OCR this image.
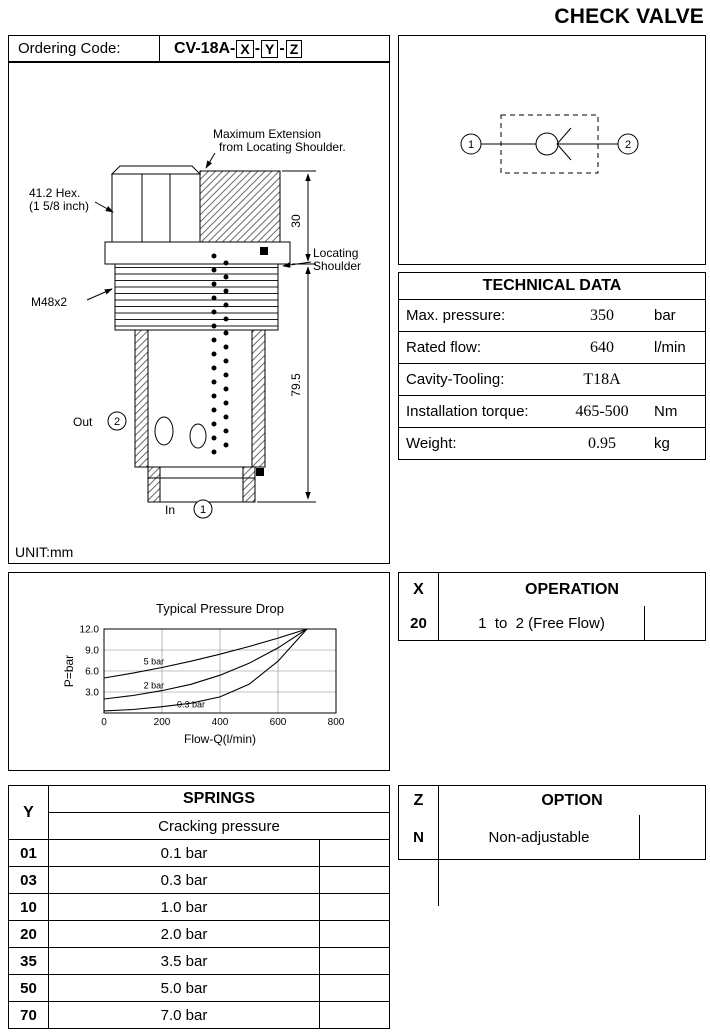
CHECK VALVE
Ordering Code:	CV-18A - X - Y - Z
Maximum Extension
from Locating Shoulder.
41.2 Hex.
(1 5/8 inch)
M48x2
Locating
Shoulder
30
79.5
Out
In
2
1
UNIT:mm
1	2
TECHNICAL DATA
Max. pressure:	350	bar
Rated flow:	640	l/min
Cavity-Tooling:	T18A
Installation torque:	465-500	Nm
Weight:	0.95	kg
3.0
6.0
9.0
12.0
0	200	400	600	800
5 bar
2 bar
0.3 bar
Typical Pressure Drop
Flow-Q(l/min)
P=bar
X	OPERATION
20	1  to  2 (Free Flow)
Y
SPRINGS
Cracking pressure
01	0.1 bar
03	0.3 bar
10	1.0 bar
20	2.0 bar
35	3.5 bar
50	5.0 bar
70	7.0 bar
Z	OPTION
N	Non-adjustable
